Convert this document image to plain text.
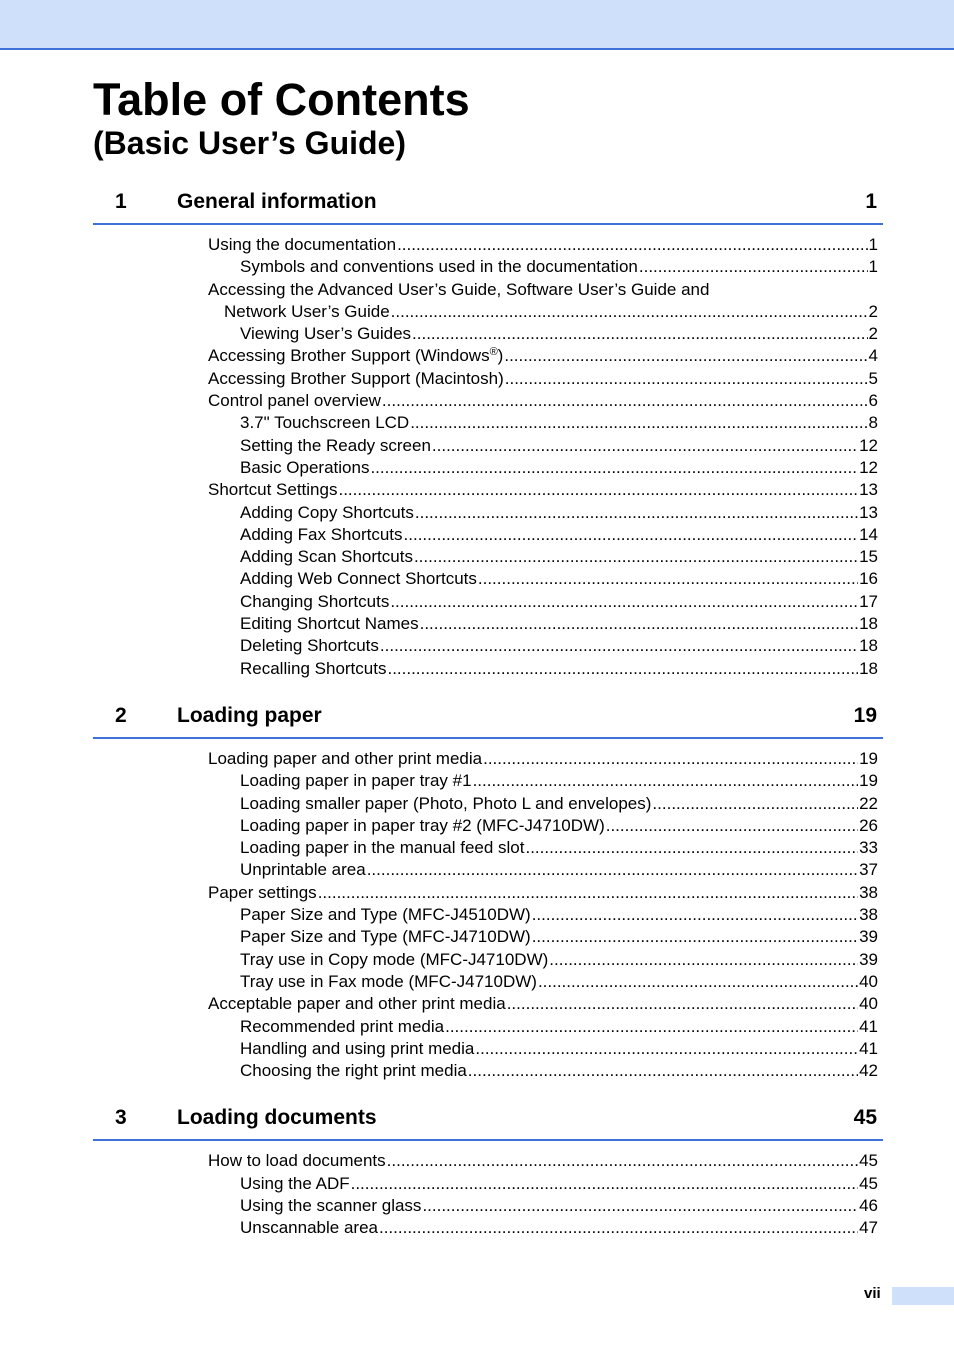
Table of Contents
(Basic User’s Guide)
1	General information	1
Using the documentation .....	1
Symbols and conventions used in the documentation .....	1
Accessing the Advanced User’s Guide, Software User’s Guide and
Network User’s Guide .....	2
Viewing User’s Guides .....	2
Accessing Brother Support (Windows®) .....	4
Accessing Brother Support (Macintosh) .....	5
Control panel overview .....	6
3.7" Touchscreen LCD .....	8
Setting the Ready screen .....	12
Basic Operations .....	12
Shortcut Settings .....	13
Adding Copy Shortcuts .....	13
Adding Fax Shortcuts .....	14
Adding Scan Shortcuts .....	15
Adding Web Connect Shortcuts .....	16
Changing Shortcuts .....	17
Editing Shortcut Names .....	18
Deleting Shortcuts .....	18
Recalling Shortcuts .....	18
2	Loading paper	19
Loading paper and other print media .....	19
Loading paper in paper tray #1 .....	19
Loading smaller paper (Photo, Photo L and envelopes) .....	22
Loading paper in paper tray #2 (MFC-J4710DW) .....	26
Loading paper in the manual feed slot .....	33
Unprintable area .....	37
Paper settings .....	38
Paper Size and Type (MFC-J4510DW) .....	38
Paper Size and Type (MFC-J4710DW) .....	39
Tray use in Copy mode (MFC-J4710DW) .....	39
Tray use in Fax mode (MFC-J4710DW) .....	40
Acceptable paper and other print media .....	40
Recommended print media .....	41
Handling and using print media .....	41
Choosing the right print media .....	42
3	Loading documents	45
How to load documents .....	45
Using the ADF .....	45
Using the scanner glass .....	46
Unscannable area .....	47
vii
